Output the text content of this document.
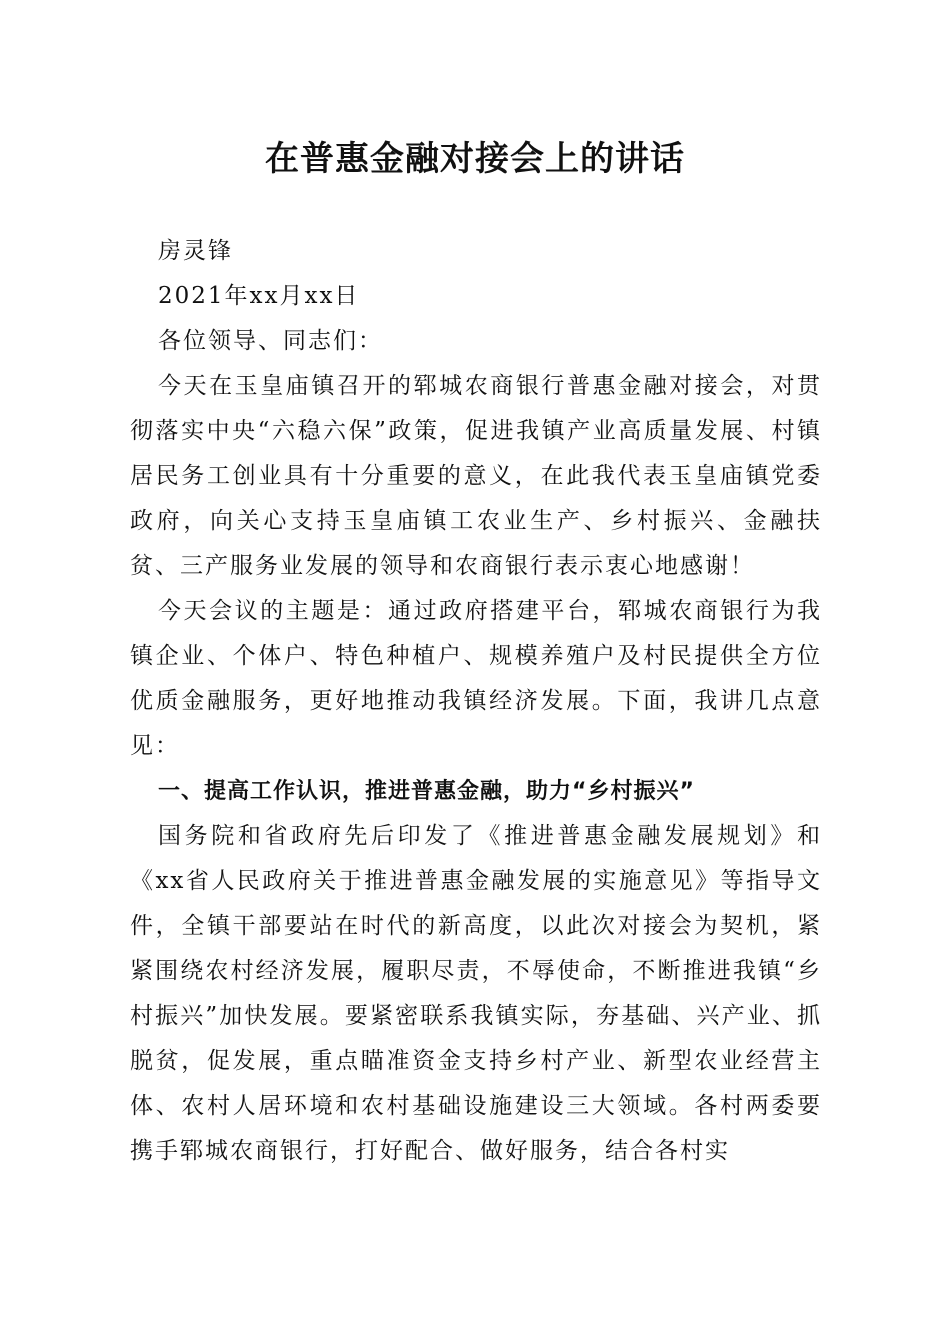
在普惠金融对接会上的讲话

房灵锋

2021年xx月xx日

各位领导、同志们：

今天在玉皇庙镇召开的郓城农商银行普惠金融对接会，对贯彻落实中央“六稳六保”政策，促进我镇产业高质量发展、村镇居民务工创业具有十分重要的意义，在此我代表玉皇庙镇党委政府，向关心支持玉皇庙镇工农业生产、乡村振兴、金融扶贫、三产服务业发展的领导和农商银行表示衷心地感谢！

今天会议的主题是：通过政府搭建平台，郓城农商银行为我镇企业、个体户、特色种植户、规模养殖户及村民提供全方位优质金融服务，更好地推动我镇经济发展。下面，我讲几点意见：

一、提高工作认识，推进普惠金融，助力“乡村振兴”

国务院和省政府先后印发了《推进普惠金融发展规划》和《xx省人民政府关于推进普惠金融发展的实施意见》等指导文件，全镇干部要站在时代的新高度，以此次对接会为契机，紧紧围绕农村经济发展，履职尽责，不辱使命，不断推进我镇“乡村振兴”加快发展。要紧密联系我镇实际，夯基础、兴产业、抓脱贫，促发展，重点瞄准资金支持乡村产业、新型农业经营主体、农村人居环境和农村基础设施建设三大领域。各村两委要携手郓城农商银行，打好配合、做好服务，结合各村实
